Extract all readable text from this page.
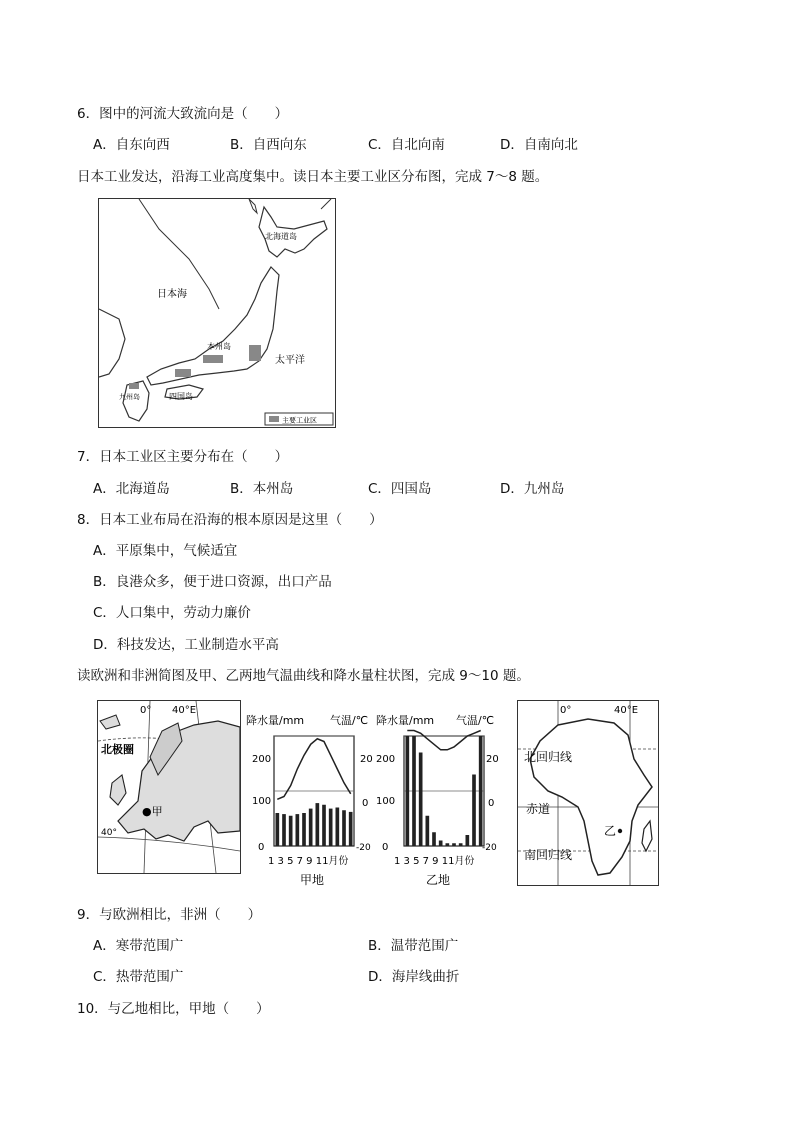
6．图中的河流大致流向是（　　）
A．自东向西	B．自西向东	C．自北向南	D．自南向北
日本工业发达，沿海工业高度集中。读日本主要工业区分布图，完成 7～8 题。
北海道岛
日本海
本州岛
太平洋
四国岛
九州岛
主要工业区
7．日本工业区主要分布在（　　）
A．北海道岛	B．本州岛	C．四国岛	D．九州岛
8．日本工业布局在沿海的根本原因是这里（　　）
A．平原集中，气候适宜
B．良港众多，便于进口资源，出口产品
C．人口集中，劳动力廉价
D．科技发达，工业制造水平高
读欧洲和非洲简图及甲、乙两地气温曲线和降水量柱状图，完成 9～10 题。
0° 40°E
北极圈
40°
●甲
降水量/mm 气温/℃
200
100
0
20
0
-20
1 3 5 7 9 11月份
甲地
降水量/mm 气温/℃
200
100
0
20
0
-20
1 3 5 7 9 11月份
乙地
0°	40°E
北回归线
赤道
南回归线
乙
9．与欧洲相比，非洲（　　）
A．寒带范围广	B．温带范围广
C．热带范围广	D．海岸线曲折
10．与乙地相比，甲地（　　）
